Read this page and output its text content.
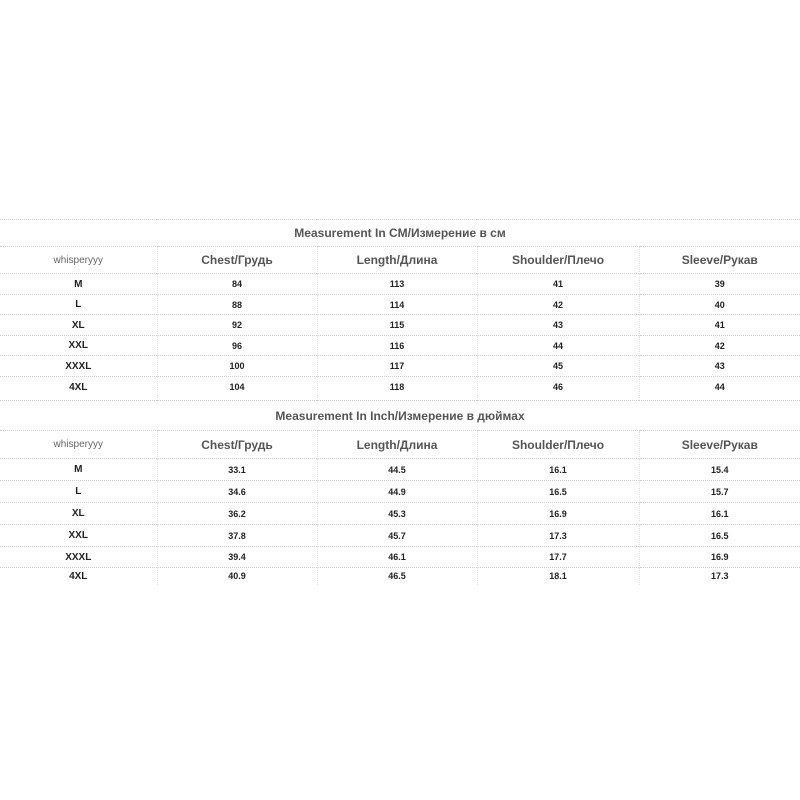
Measurement In CM/Измерение в см				
whisperyyy	Chest/Грудь	Length/Длина	Shoulder/Плечо	Sleeve/Рукав
M	84	113	41	39
L	88	114	42	40
XL	92	115	43	41
XXL	96	116	44	42
XXXL	100	117	45	43
4XL	104	118	46	44
Measurement In Inch/Измерение в дюймах				
whisperyyy	Chest/Грудь	Length/Длина	Shoulder/Плечо	Sleeve/Рукав
M	33.1	44.5	16.1	15.4
L	34.6	44.9	16.5	15.7
XL	36.2	45.3	16.9	16.1
XXL	37.8	45.7	17.3	16.5
XXXL	39.4	46.1	17.7	16.9
4XL	40.9	46.5	18.1	17.3
